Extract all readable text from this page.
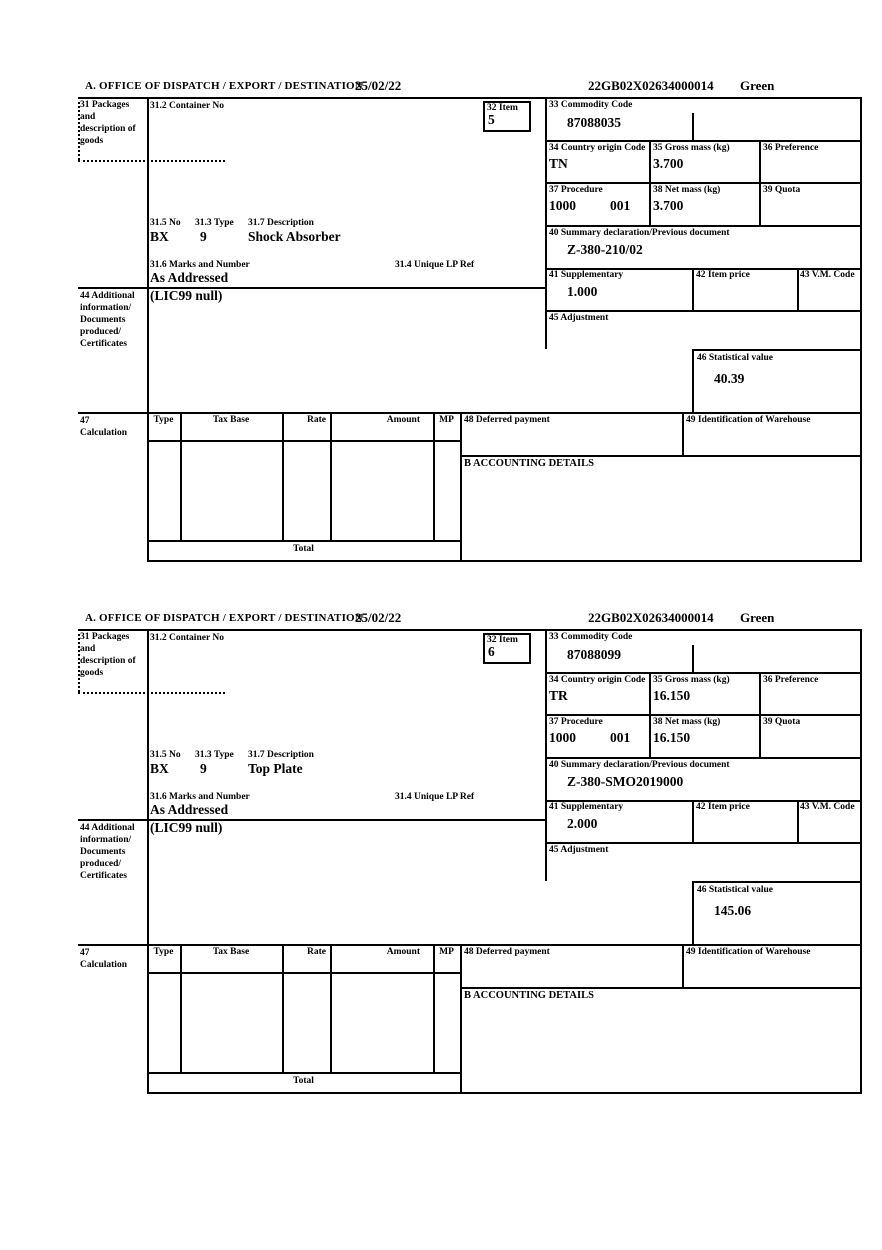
A. OFFICE OF DISPATCH / EXPORT / DESTINATION
25/02/22	22GB02X02634000014 Green
31 Packages and description of goods
44 Additional information/ Documents produced/ Certificates
47 Calculation
31.2 Container No	32 Item
5
31.5 No 31.3 Type 31.7 Description
BX 9	Shock Absorber
31.6 Marks and Number	31.4 Unique LP Ref
As Addressed
(LIC99 null)
33 Commodity Code
87088035
34 Country origin Code
TN
35 Gross mass (kg)
3.700
36 Preference
37 Procedure
1000	001
38 Net mass (kg)
3.700
39 Quota
40 Summary declaration/Previous document
Z-380-210/02
41 Supplementary
1.000
42 Item price	43 V.M. Code
45 Adjustment
46 Statistical value
40.39
Type	Tax Base	Rate	Amount	MP
Total
48 Deferred payment	49 Identification of Warehouse
B ACCOUNTING DETAILS
A. OFFICE OF DISPATCH / EXPORT / DESTINATION
25/02/22	22GB02X02634000014 Green
31 Packages and description of goods
44 Additional information/ Documents produced/ Certificates
47 Calculation
31.2 Container No	32 Item
6
31.5 No 31.3 Type 31.7 Description
BX 9	Top Plate
31.6 Marks and Number	31.4 Unique LP Ref
As Addressed
(LIC99 null)
33 Commodity Code
87088099
34 Country origin Code
TR
35 Gross mass (kg)
16.150
36 Preference
37 Procedure
1000	001
38 Net mass (kg)
16.150
39 Quota
40 Summary declaration/Previous document
Z-380-SMO2019000
41 Supplementary
2.000
42 Item price	43 V.M. Code
45 Adjustment
46 Statistical value
145.06
Type	Tax Base	Rate	Amount	MP
Total
48 Deferred payment	49 Identification of Warehouse
B ACCOUNTING DETAILS
